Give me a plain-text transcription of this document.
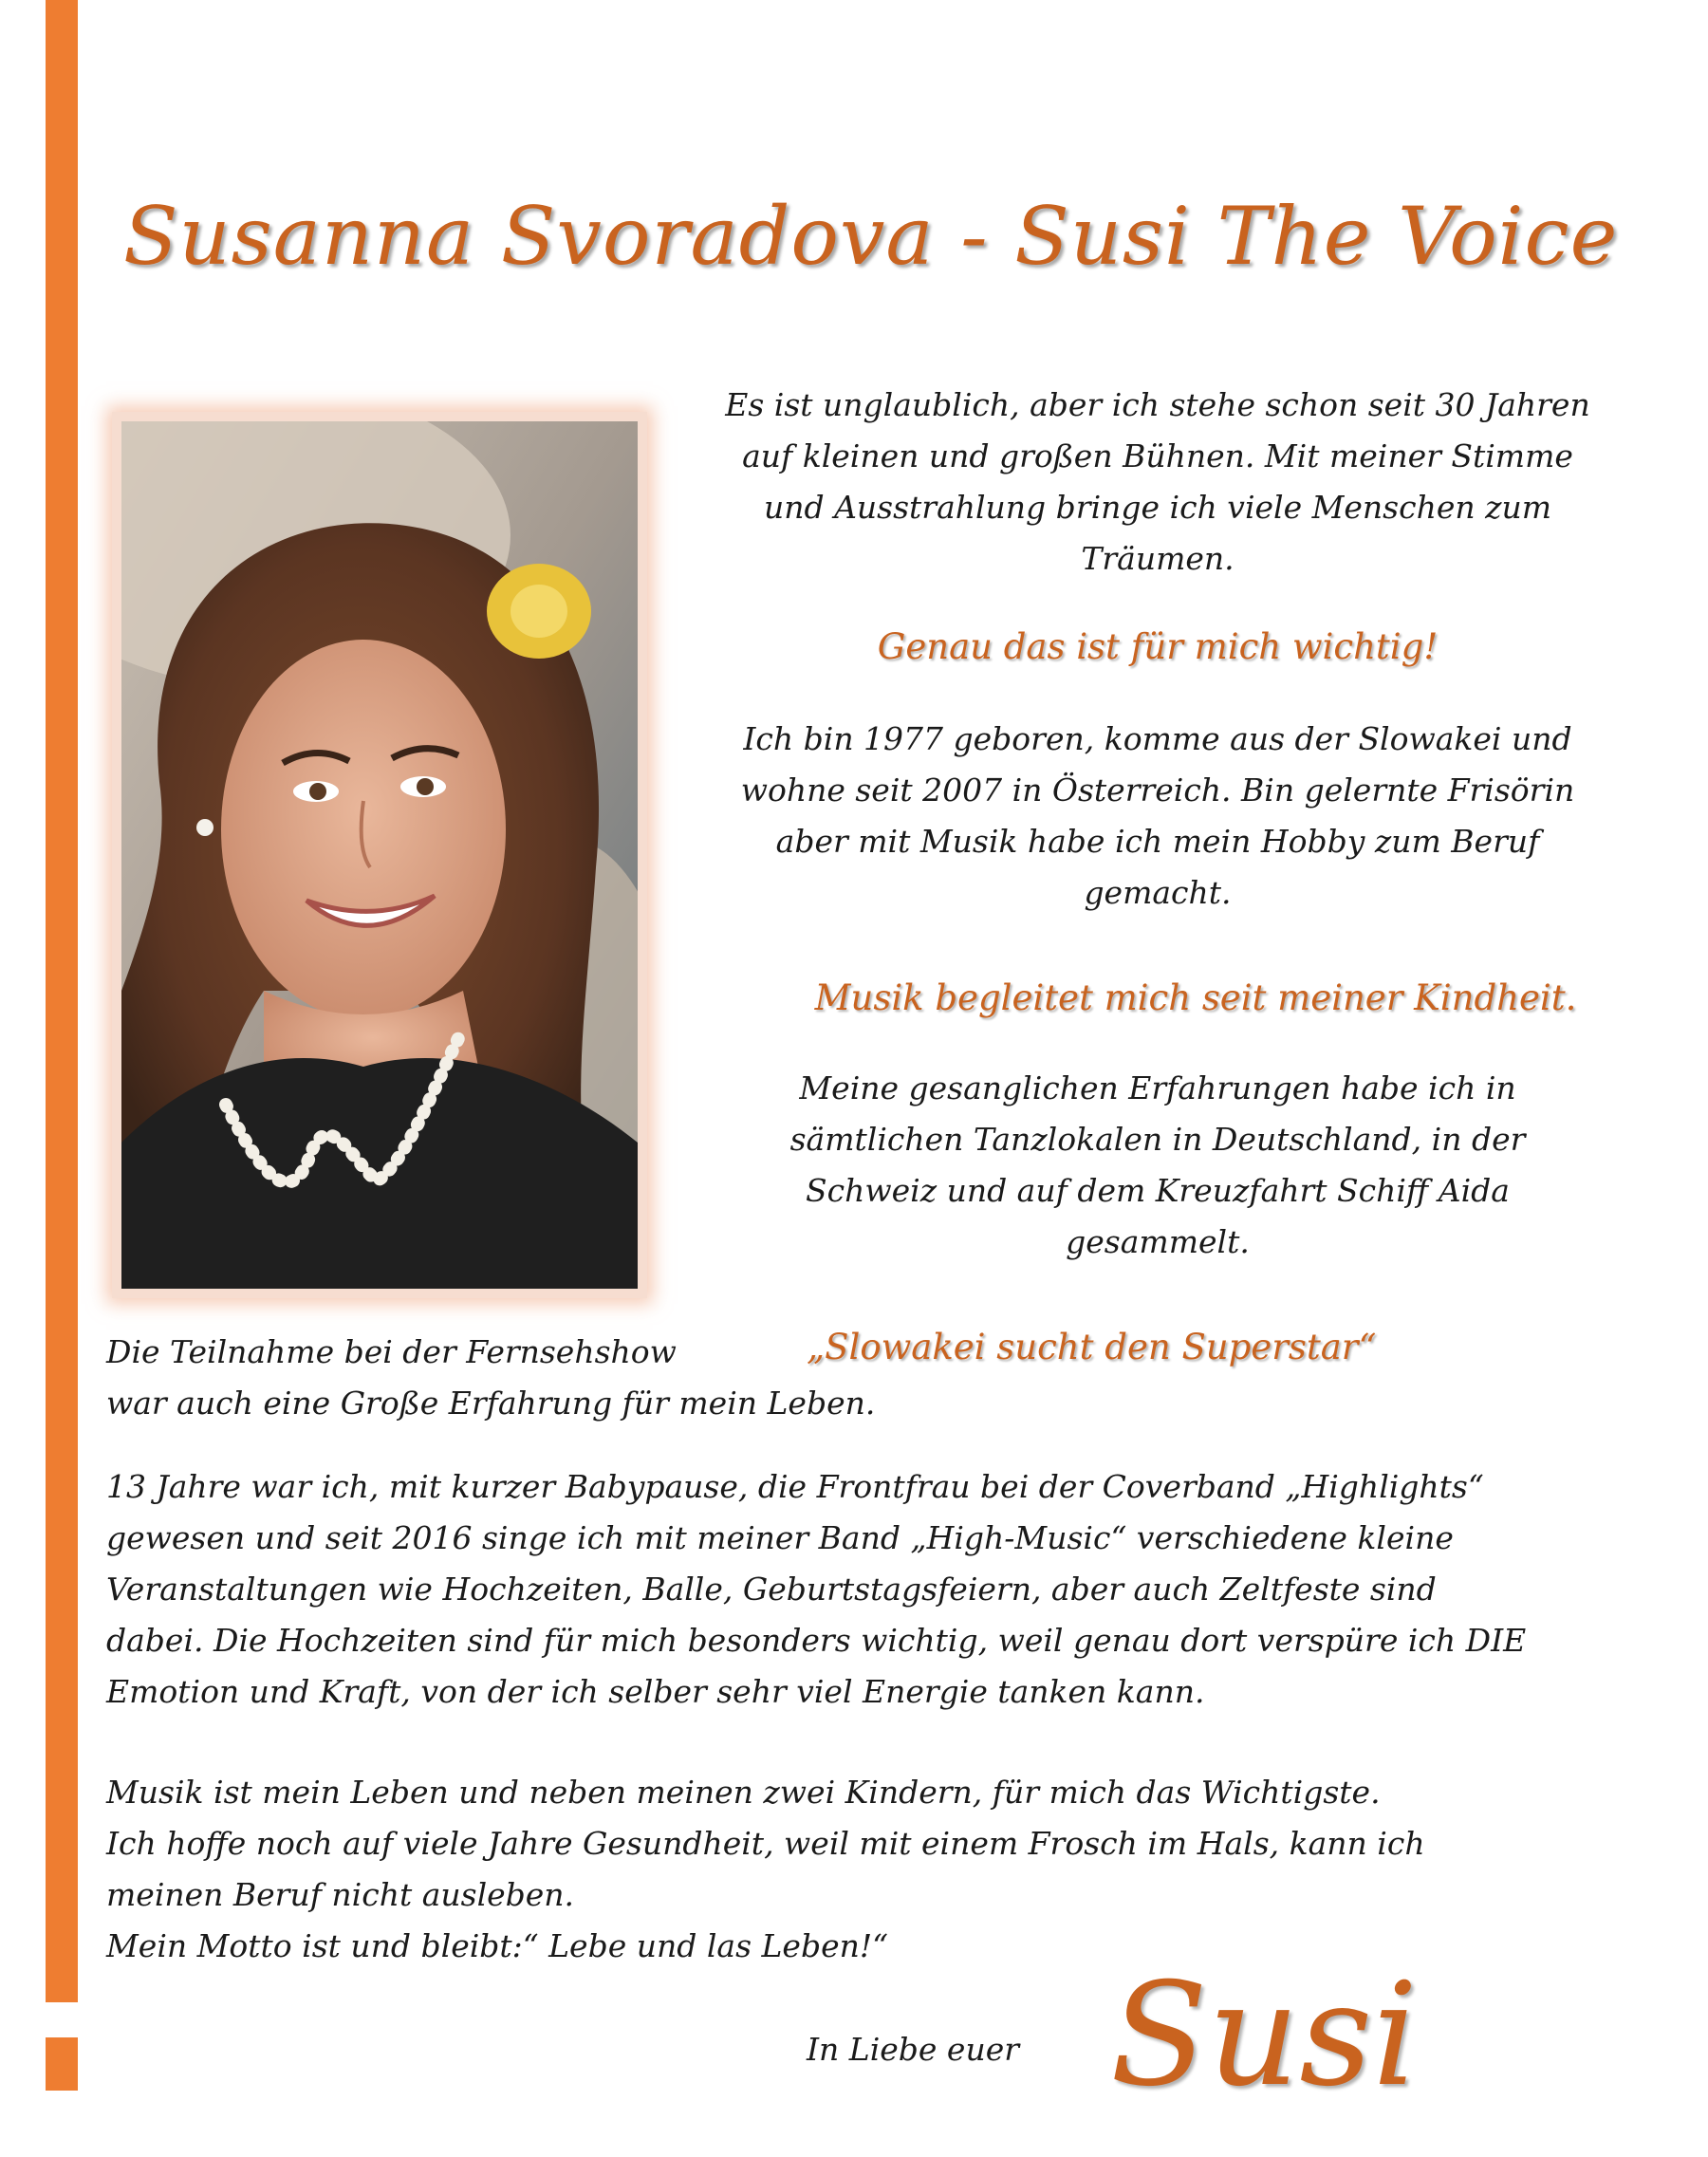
Susanna Svoradova - Susi The Voice

Es ist unglaublich, aber ich stehe schon seit 30 Jahren

auf kleinen und großen Bühnen. Mit meiner Stimme

und Ausstrahlung bringe ich viele Menschen zum

Träumen.

Genau das ist für mich wichtig!

Ich bin 1977 geboren, komme aus der Slowakei und

wohne seit 2007 in Österreich. Bin gelernte Frisörin

aber mit Musik habe ich mein Hobby zum Beruf

gemacht.

Musik begleitet mich seit meiner Kindheit.

Meine gesanglichen Erfahrungen habe ich in

sämtlichen Tanzlokalen in Deutschland, in der

Schweiz und auf dem Kreuzfahrt Schiff Aida

gesammelt.

Die Teilnahme bei der Fernsehshow	„Slowakei sucht den Superstar“

war auch eine Große Erfahrung für mein Leben.

13 Jahre war ich, mit kurzer Babypause, die Frontfrau bei der Coverband „Highlights“

gewesen und seit 2016 singe ich mit meiner Band „High-Music“ verschiedene kleine

Veranstaltungen wie Hochzeiten, Balle, Geburtstagsfeiern, aber auch Zeltfeste sind

dabei. Die Hochzeiten sind für mich besonders wichtig, weil genau dort verspüre ich DIE

Emotion und Kraft, von der ich selber sehr viel Energie tanken kann.

Musik ist mein Leben und neben meinen zwei Kindern, für mich das Wichtigste.

Ich hoffe noch auf viele Jahre Gesundheit, weil mit einem Frosch im Hals, kann ich

meinen Beruf nicht ausleben.

Mein Motto ist und bleibt:“ Lebe und las Leben!“

In Liebe euer Susi
